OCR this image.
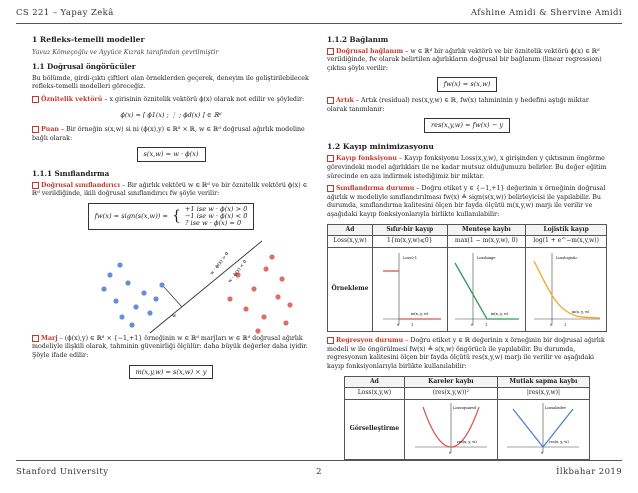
CS 221 – Yapay Zekâ	Afshine Amidi & Shervine Amidi
1 Refleks-temelli modeller

Yavuz Kömeçoğlu ve Ayyüce Kızrak tarafından çevrilmiştir

1.1 Doğrusal öngörücüler

Bu bölümde, girdi-çıktı çiftleri olan örneklerden geçerek, deneyim ile geliştirilebilecek refleks-temelli modelleri göreceğiz.

Öznitelik vektörü – x girisinin öznitelik vektörü ϕ(x) olarak not edilir ve şöyledir:

ϕ(x) = [ ϕ1(x) ; ⋮ ; ϕd(x) ] ∈ ℝᵈ

Puan – Bir örneğin s(x,w) si ni (ϕ(x),y) ∈ ℝᵈ × ℝ, w ∈ ℝᵈ doğrusal ağırlık modeline bağlı olarak:

s(x,w) = w · ϕ(x)
1.1.1 Sınıflandırma

Doğrusal sınıflandırıcı – Bir ağırlık vektörü w ∈ ℝᵈ ve bir öznitelik vektörü ϕ(x) ∈ ℝᵈ verildiğinde, ikili doğrusal sınıflandırıcı fw şöyle verilir:

fw(x) = sign(s(x,w)) = { +1 ise w · ϕ(x) > 0
−1 ise w · ϕ(x) < 0
? ise w · ϕ(x) = 0
w
w · ϕ(x) > 0
w · ϕ(x) < 0

Marj – (ϕ(x),y) ∈ ℝᵈ × {−1,+1} örneğinin w ∈ ℝᵈ marjları w ∈ ℝᵈ doğrusal ağırlık modeliyle ilişkili olarak, tahminin güvenirliği ölçülür: daha büyük değerler daha iyidir. Şöyle ifade edilir:

m(x,y,w) = s(x,w) × y
1.1.2 Bağlanım

Doğrusal bağlanım – w ∈ ℝᵈ bir ağırlık vektörü ve bir öznitelik vektörü ϕ(x) ∈ ℝᵈ verildiğinde, fw olarak belirtilen ağırlıkların doğrusal bir bağlanım (linear regression) çıktısı şöyle verilir:

fw(x) = s(x,w)

Artık – Artık (residual) res(x,y,w) ∈ ℝ, fw(x) tahmininin y hedefini aştığı miktar olarak tanımlanır:

res(x,y,w) = fw(x) − y
1.2 Kayıp minimizasyonu

Kayıp fonksiyonu – Kayıp fonksiyonu Loss(x,y,w), x girişinden y çıktısının öngörme görevindeki model ağırlıkları ile ne kadar mutsuz olduğumuzu belirler. Bu değer eğitim sürecinde en aza indirmek istediğimiz bir miktar.

Sınıflandırma durumu – Doğru etiket y ∈ {−1,+1} değerinin x örneğinin doğrusal ağırlık w modeliyle sınıflandırılması fw(x) ≜ sign(s(x,w)) belirleyicisi ile yapılabilir. Bu durumda, sınıflandırma kalitesini ölçen bir fayda ölçütü m(x,y,w) marjı ile verilir ve aşağıdaki kayıp fonksiyonlarıyla birlikte kullanılabilir:

Ad	Sıfır-bir kayıp	Menteşe kaybı	Lojistik kayıp
Loss(x,y,w)	1{m(x,y,w)⩽0}	max(1 − m(x,y,w), 0)	log(1 + e^−m(x,y,w))
Örnekleme	Loss0-1
m(x, y, w)
0 1	Losshinge
m(x, y, w)
0 1	Losslogistic
m(x, y, w)
0 1

Regresyon durumu – Doğru etiket y ∈ ℝ değerinin x örneğinin bir doğrusal ağırlık modeli w ile öngörülmesi fw(x) ≜ s(x,w) öngörücü ile yapılabilir. Bu durumda, regresyonun kalitesini ölçen bir fayda ölçütü res(x,y,w) marjı ile verilir ve aşağıdaki kayıp fonksiyonlarıyla birlikte kullanılabilir:

Ad	Kareler kaybı	Mutlak sapma kaybı
Loss(x,y,w)	(res(x,y,w))²	|res(x,y,w)|
Görselleştirme	Losssquared
res(x, y, w)
0	Lossabsdev
res(x, y, w)
0
Stanford University	2	İlkbahar 2019
